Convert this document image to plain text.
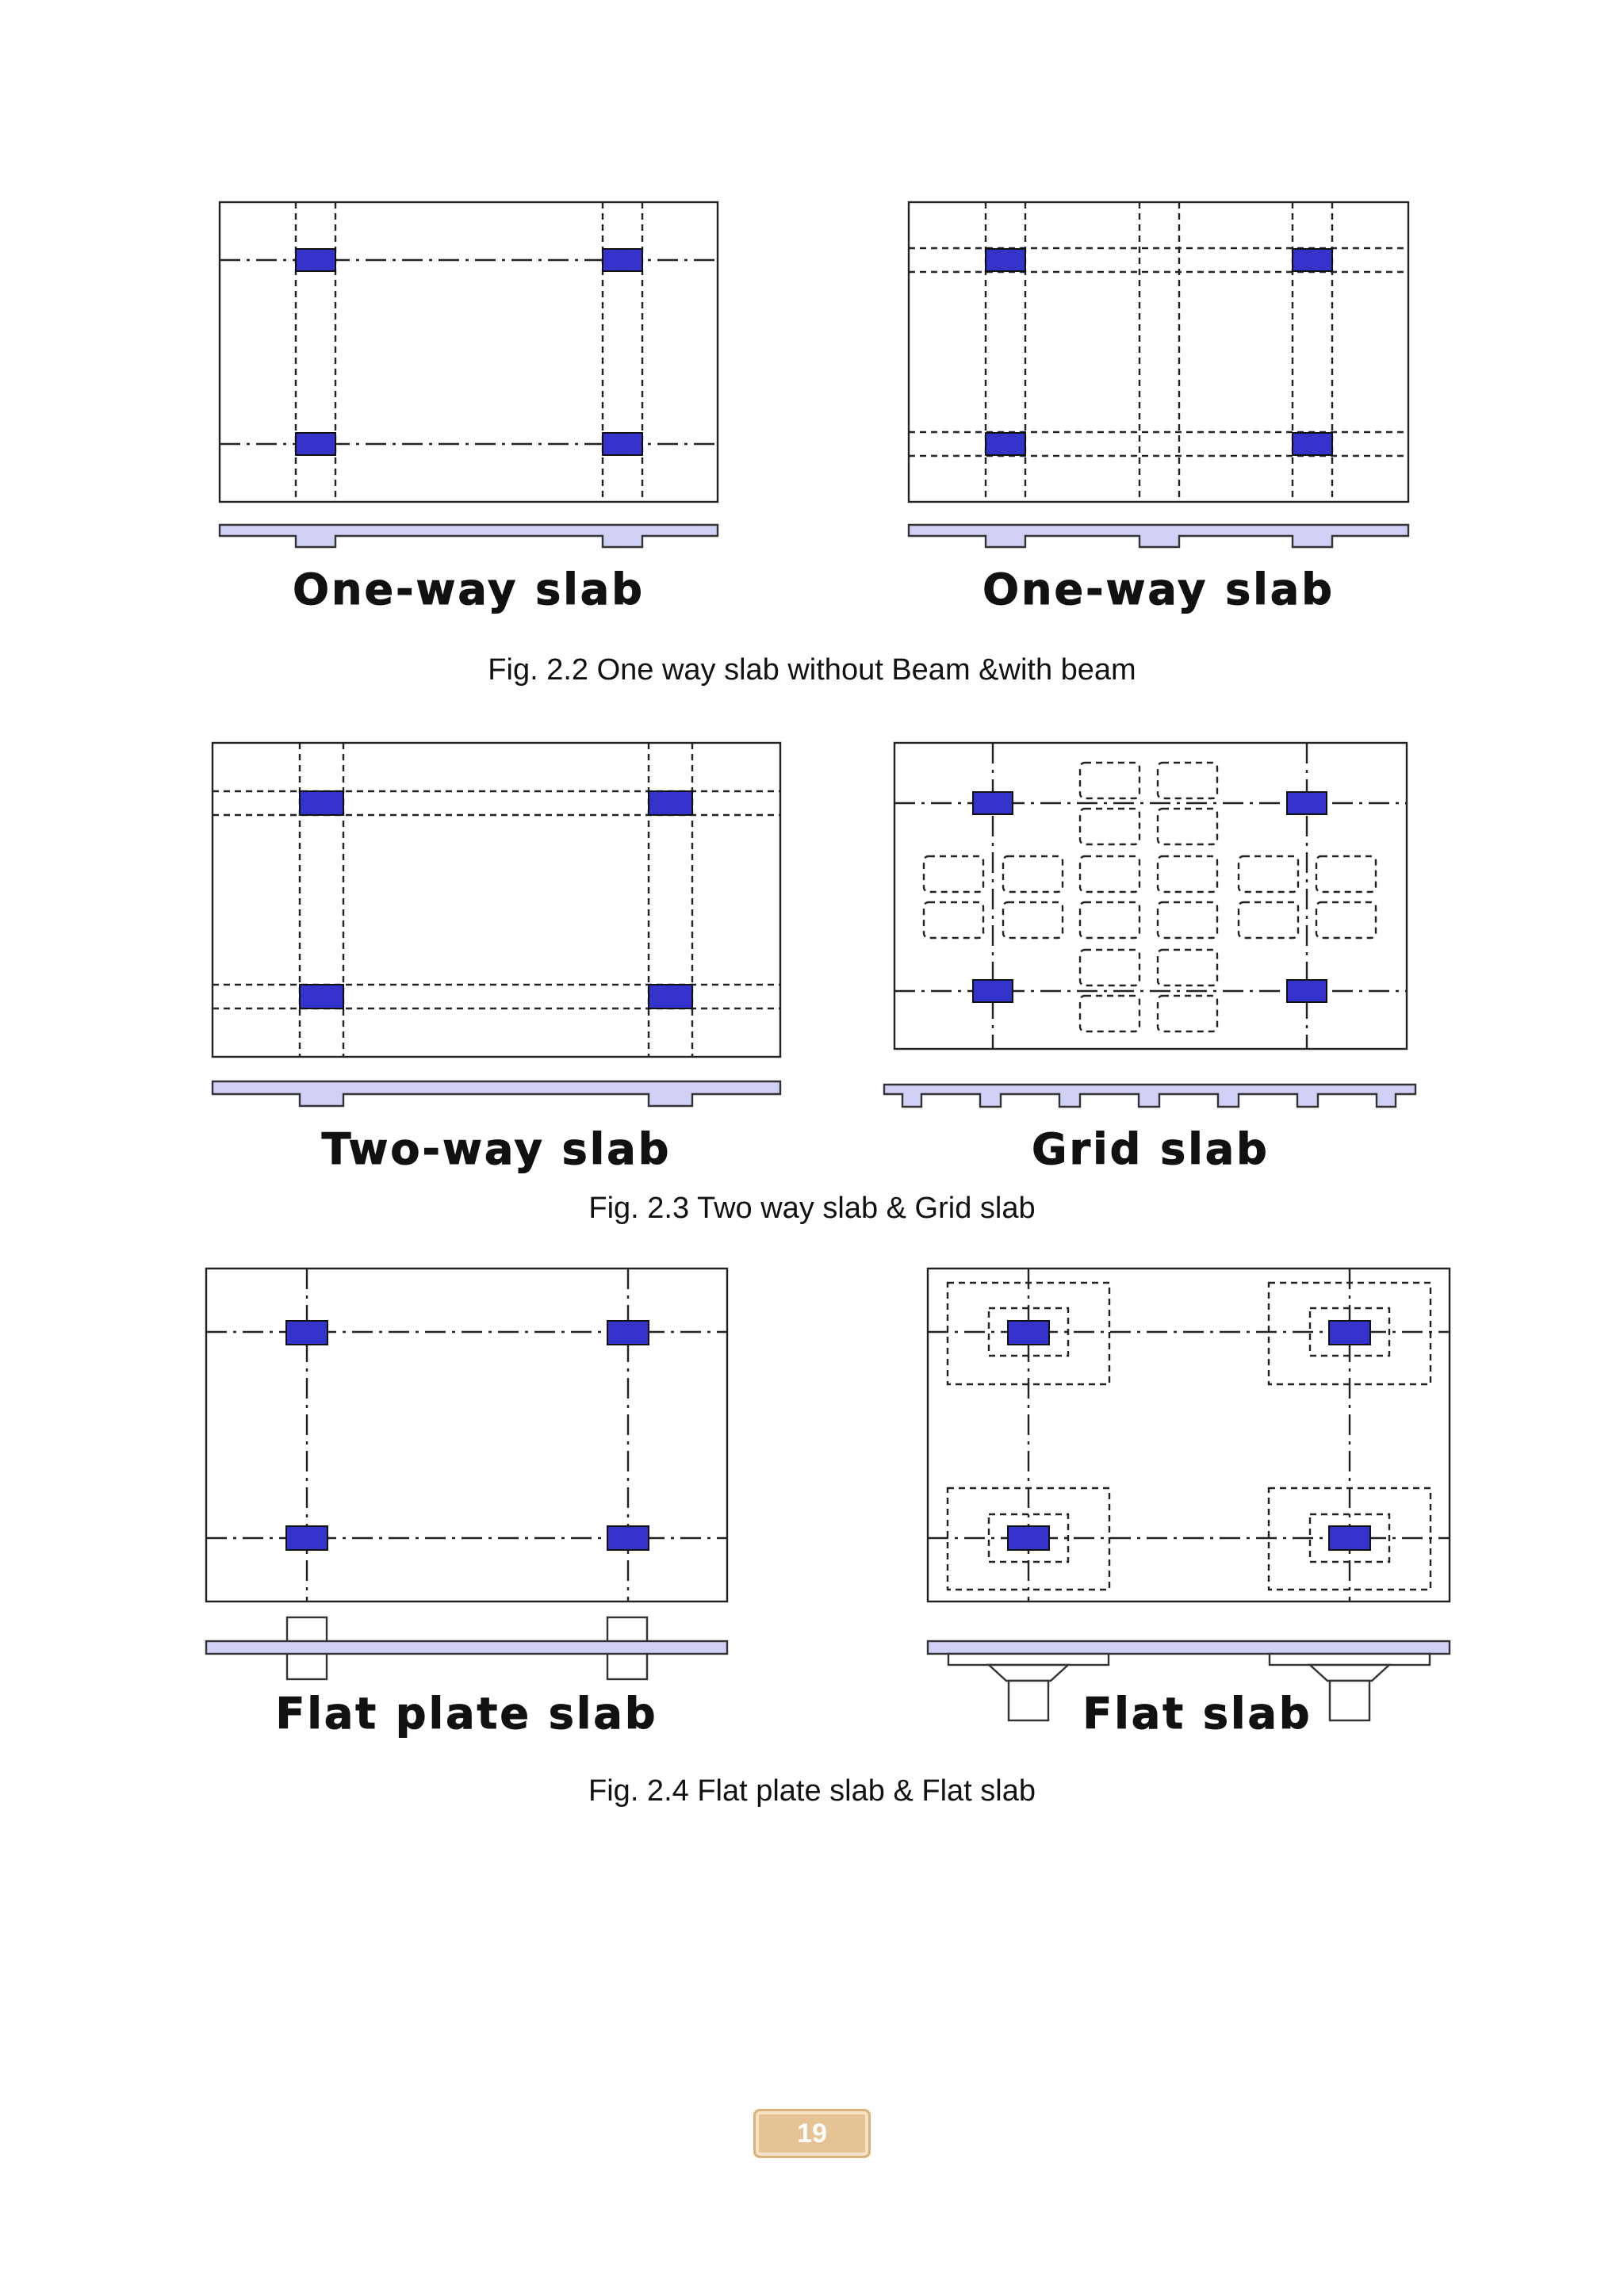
One-way slab	One-way slab
Fig. 2.2 One way slab without Beam &with beam
Two-way slab	Grid slab
Fig. 2.3 Two way slab & Grid slab
Flat plate slab	Flat slab
Fig. 2.4 Flat plate slab & Flat slab
19
